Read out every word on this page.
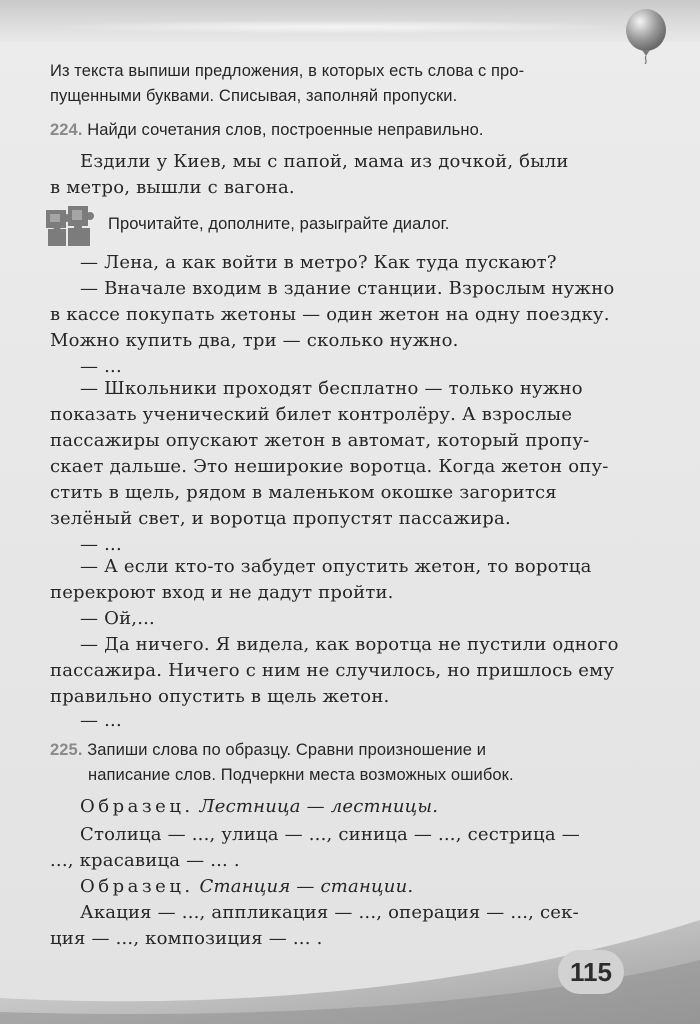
Из текста выпиши предложения, в которых есть слова с про-
пущенными буквами. Списывая, заполняй пропуски.
224. Найди сочетания слов, построенные неправильно.
Ездили у Киев, мы с папой, мама из дочкой, были
в метро, вышли с вагона.
Прочитайте, дополните, разыграйте диалог.
— Лена, а как войти в метро? Как туда пускают?
— Вначале входим в здание станции. Взрослым нужно
в кассе покупать жетоны — один жетон на одну поездку.
Можно купить два, три — сколько нужно.
— ...
— Школьники проходят бесплатно — только нужно
показать ученический билет контролёру. А взрослые
пассажиры опускают жетон в автомат, который пропу-
скает дальше. Это неширокие воротца. Когда жетон опу-
стить в щель, рядом в маленьком окошке загорится
зелёный свет, и воротца пропустят пассажира.
— ...
— А если кто-то забудет опустить жетон, то воротца
перекроют вход и не дадут пройти.
— Ой,...
— Да ничего. Я видела, как воротца не пустили одного
пассажира. Ничего с ним не случилось, но пришлось ему
правильно опустить в щель жетон.
— ...
225. Запиши слова по образцу. Сравни произношение и
написание слов. Подчеркни места возможных ошибок.
Образец. Лестница — лестницы.
Столица — ..., улица — ..., синица — ..., сестрица —
..., красавица — ... .
Образец. Станция — станции.
Акация — ..., аппликация — ..., операция — ..., сек-
ция — ..., композиция — ... .
115
